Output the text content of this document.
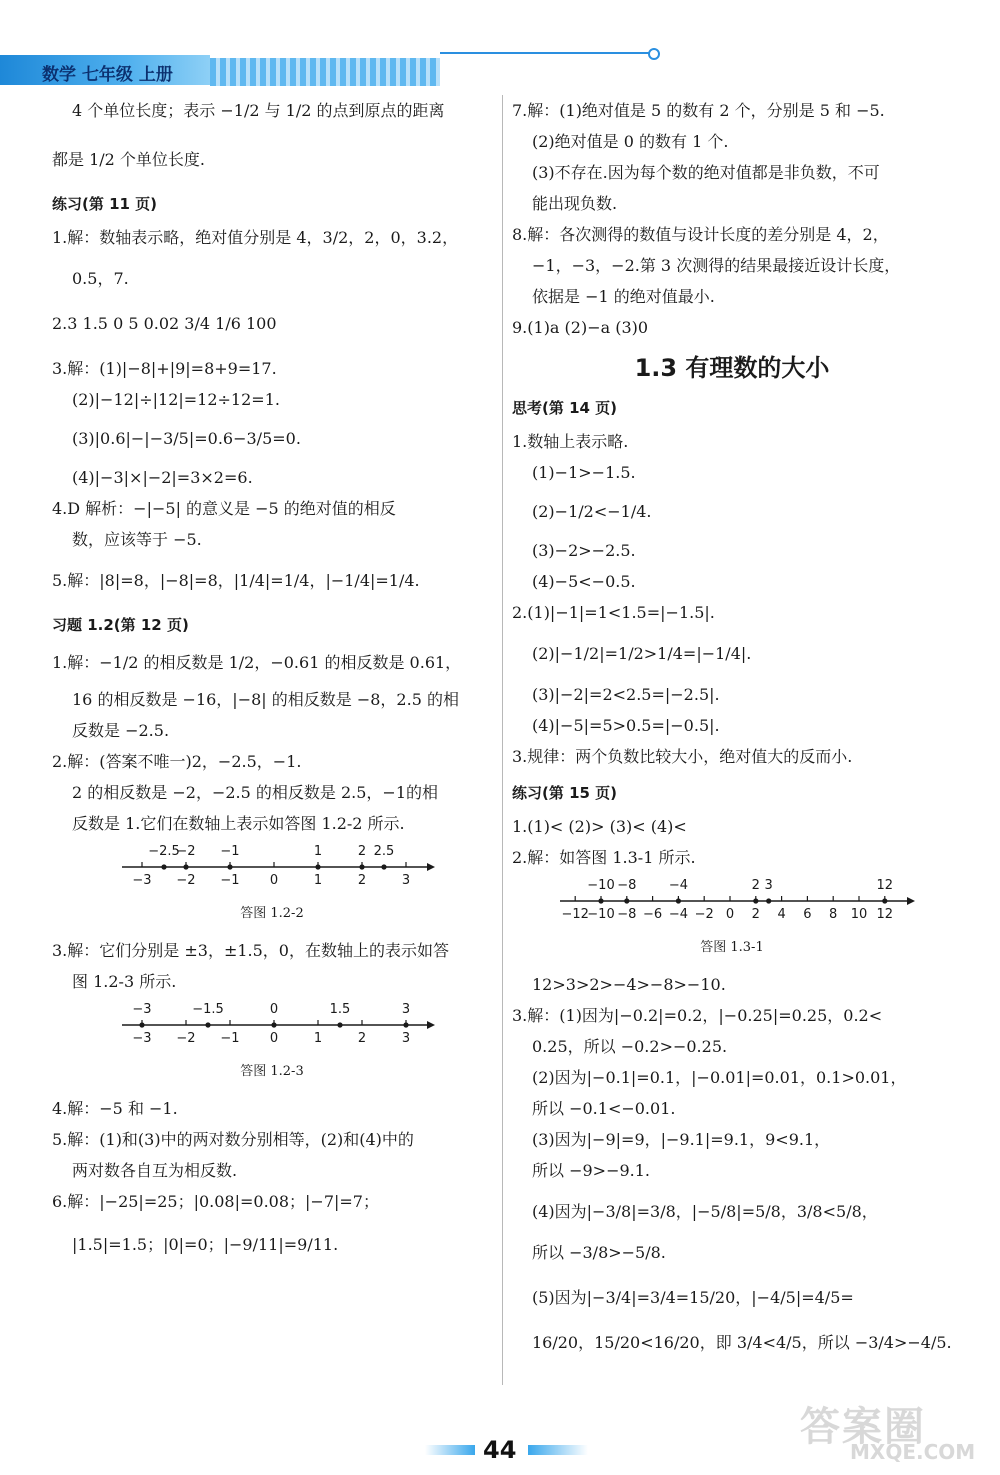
数学 七年级 上册

4 个单位长度；表示 −1/2 与 1/2 的点到原点的距离

都是 1/2 个单位长度.

练习(第 11 页)

1.解：数轴表示略，绝对值分别是 4，3/2，2，0，3.2，

0.5，7.

2.3 1.5 0 5 0.02 3/4 1/6 100

3.解：(1)|−8|+|9|=8+9=17.

(2)|−12|÷|12|=12÷12=1.

(3)|0.6|−|−3/5|=0.6−3/5=0.

(4)|−3|×|−2|=3×2=6.

4.D 解析：−|−5| 的意义是 −5 的绝对值的相反

数，应该等于 −5.

5.解：|8|=8，|−8|=8，|1/4|=1/4，|−1/4|=1/4.

习题 1.2(第 12 页)

1.解：−1/2 的相反数是 1/2，−0.61 的相反数是 0.61，

16 的相反数是 −16，|−8| 的相反数是 −8，2.5 的相

反数是 −2.5.

2.解：(答案不唯一)2，−2.5，−1.

2 的相反数是 −2，−2.5 的相反数是 2.5，−1的相

反数是 1.它们在数轴上表示如答图 1.2-2 所示.

−3 −2 −1 0	1	2	3
−2.5
−2 −1	1	2 2.5

答图 1.2-2

3.解：它们分别是 ±3，±1.5，0，在数轴上的表示如答

图 1.2-3 所示.

−3 −2 −1 0	1	2	3
−3	−1.5	0	1.5	3

答图 1.2-3

4.解：−5 和 −1.

5.解：(1)和(3)中的两对数分别相等，(2)和(4)中的

两对数各自互为相反数.

6.解：|−25|=25；|0.08|=0.08；|−7|=7；

|1.5|=1.5；|0|=0；|−9/11|=9/11.

7.解：(1)绝对值是 5 的数有 2 个，分别是 5 和 −5.

(2)绝对值是 0 的数有 1 个.

(3)不存在.因为每个数的绝对值都是非负数，不可

能出现负数.

8.解：各次测得的数值与设计长度的差分别是 4，2，

−1，−3，−2.第 3 次测得的结果最接近设计长度，

依据是 −1 的绝对值最小.

9.(1)a (2)−a (3)0

1.3 有理数的大小

思考(第 14 页)

1.数轴上表示略.

(1)−1>−1.5.

(2)−1/2<−1/4.

(3)−2>−2.5.

(4)−5<−0.5.

2.(1)|−1|=1<1.5=|−1.5|.

(2)|−1/2|=1/2>1/4=|−1/4|.

(3)|−2|=2<2.5=|−2.5|.

(4)|−5|=5>0.5=|−0.5|.

3.规律：两个负数比较大小，绝对值大的反而小.

练习(第 15 页)

1.(1)< (2)> (3)< (4)<

2.解：如答图 1.3-1 所示.

−12
−10 −8 −6 −4 −2 0 2 4 6 8 10 12
−10 −8 −4	2 3	12

答图 1.3-1

12>3>2>−4>−8>−10.

3.解：(1)因为|−0.2|=0.2，|−0.25|=0.25，0.2<

0.25，所以 −0.2>−0.25.

(2)因为|−0.1|=0.1，|−0.01|=0.01，0.1>0.01，

所以 −0.1<−0.01.

(3)因为|−9|=9，|−9.1|=9.1，9<9.1，

所以 −9>−9.1.

(4)因为|−3/8|=3/8，|−5/8|=5/8，3/8<5/8，

所以 −3/8>−5/8.

(5)因为|−3/4|=3/4=15/20，|−4/5|=4/5=

16/20，15/20<16/20，即 3/4<4/5，所以 −3/4>−4/5.

44	答案圈
MXQE.COM
